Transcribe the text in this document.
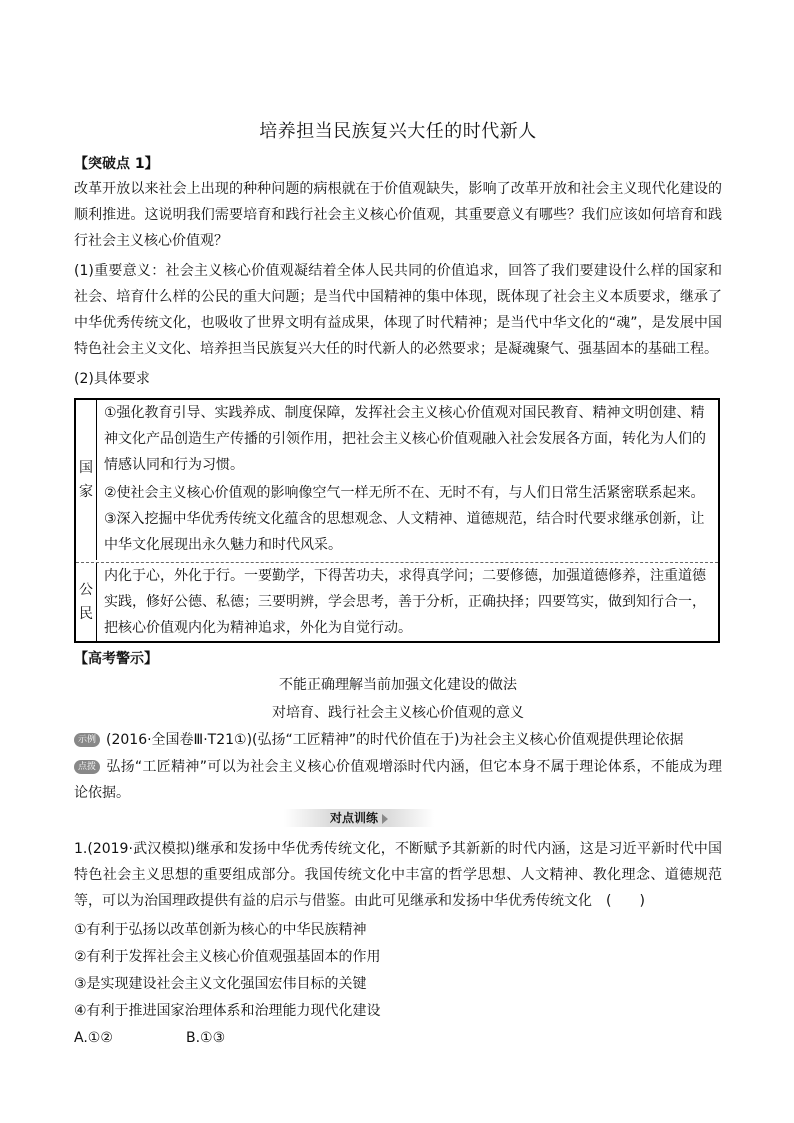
培养担当民族复兴大任的时代新人
【突破点 1】

改革开放以来社会上出现的种种问题的病根就在于价值观缺失，影响了改革开放和社会主义现代化建设的顺利推进。这说明我们需要培育和践行社会主义核心价值观，其重要意义有哪些？我们应该如何培育和践行社会主义核心价值观？

(1)重要意义：社会主义核心价值观凝结着全体人民共同的价值追求，回答了我们要建设什么样的国家和社会、培育什么样的公民的重大问题；是当代中国精神的集中体现，既体现了社会主义本质要求，继承了中华优秀传统文化，也吸收了世界文明有益成果，体现了时代精神；是当代中华文化的“魂”，是发展中国特色社会主义文化、培养担当民族复兴大任的时代新人的必然要求；是凝魂聚气、强基固本的基础工程。

(2)具体要求
国
家
①强化教育引导、实践养成、制度保障，发挥社会主义核心价值观对国民教育、精神文明创建、精神文化产品创造生产传播的引领作用，把社会主义核心价值观融入社会发展各方面，转化为人们的情感认同和行为习惯。
②使社会主义核心价值观的影响像空气一样无所不在、无时不有，与人们日常生活紧密联系起来。
③深入挖掘中华优秀传统文化蕴含的思想观念、人文精神、道德规范，结合时代要求继承创新，让中华文化展现出永久魅力和时代风采。
公
民
内化于心，外化于行。一要勤学，下得苦功夫，求得真学问；二要修德，加强道德修养，注重道德实践，修好公德、私德；三要明辨，学会思考，善于分析，正确抉择；四要笃实，做到知行合一，把核心价值观内化为精神追求，外化为自觉行动。
【高考警示】
不能正确理解当前加强文化建设的做法
对培育、践行社会主义核心价值观的意义
示例 (2016·全国卷Ⅲ·T21①)(弘扬“工匠精神”的时代价值在于)为社会主义核心价值观提供理论依据
点拨 弘扬“工匠精神”可以为社会主义核心价值观增添时代内涵，但它本身不属于理论体系，不能成为理论依据。
对点训练

1.(2019·武汉模拟)继承和发扬中华优秀传统文化，不断赋予其新新的时代内涵，这是习近平新时代中国特色社会主义思想的重要组成部分。我国传统文化中丰富的哲学思想、人文精神、教化理念、道德规范等，可以为治国理政提供有益的启示与借鉴。由此可见继承和发扬中华优秀传统文化　(　　)

①有利于弘扬以改革创新为核心的中华民族精神
②有利于发挥社会主义核心价值观强基固本的作用
③是实现建设社会主义文化强国宏伟目标的关键
④有利于推进国家治理体系和治理能力现代化建设
A.①②	B.①③
